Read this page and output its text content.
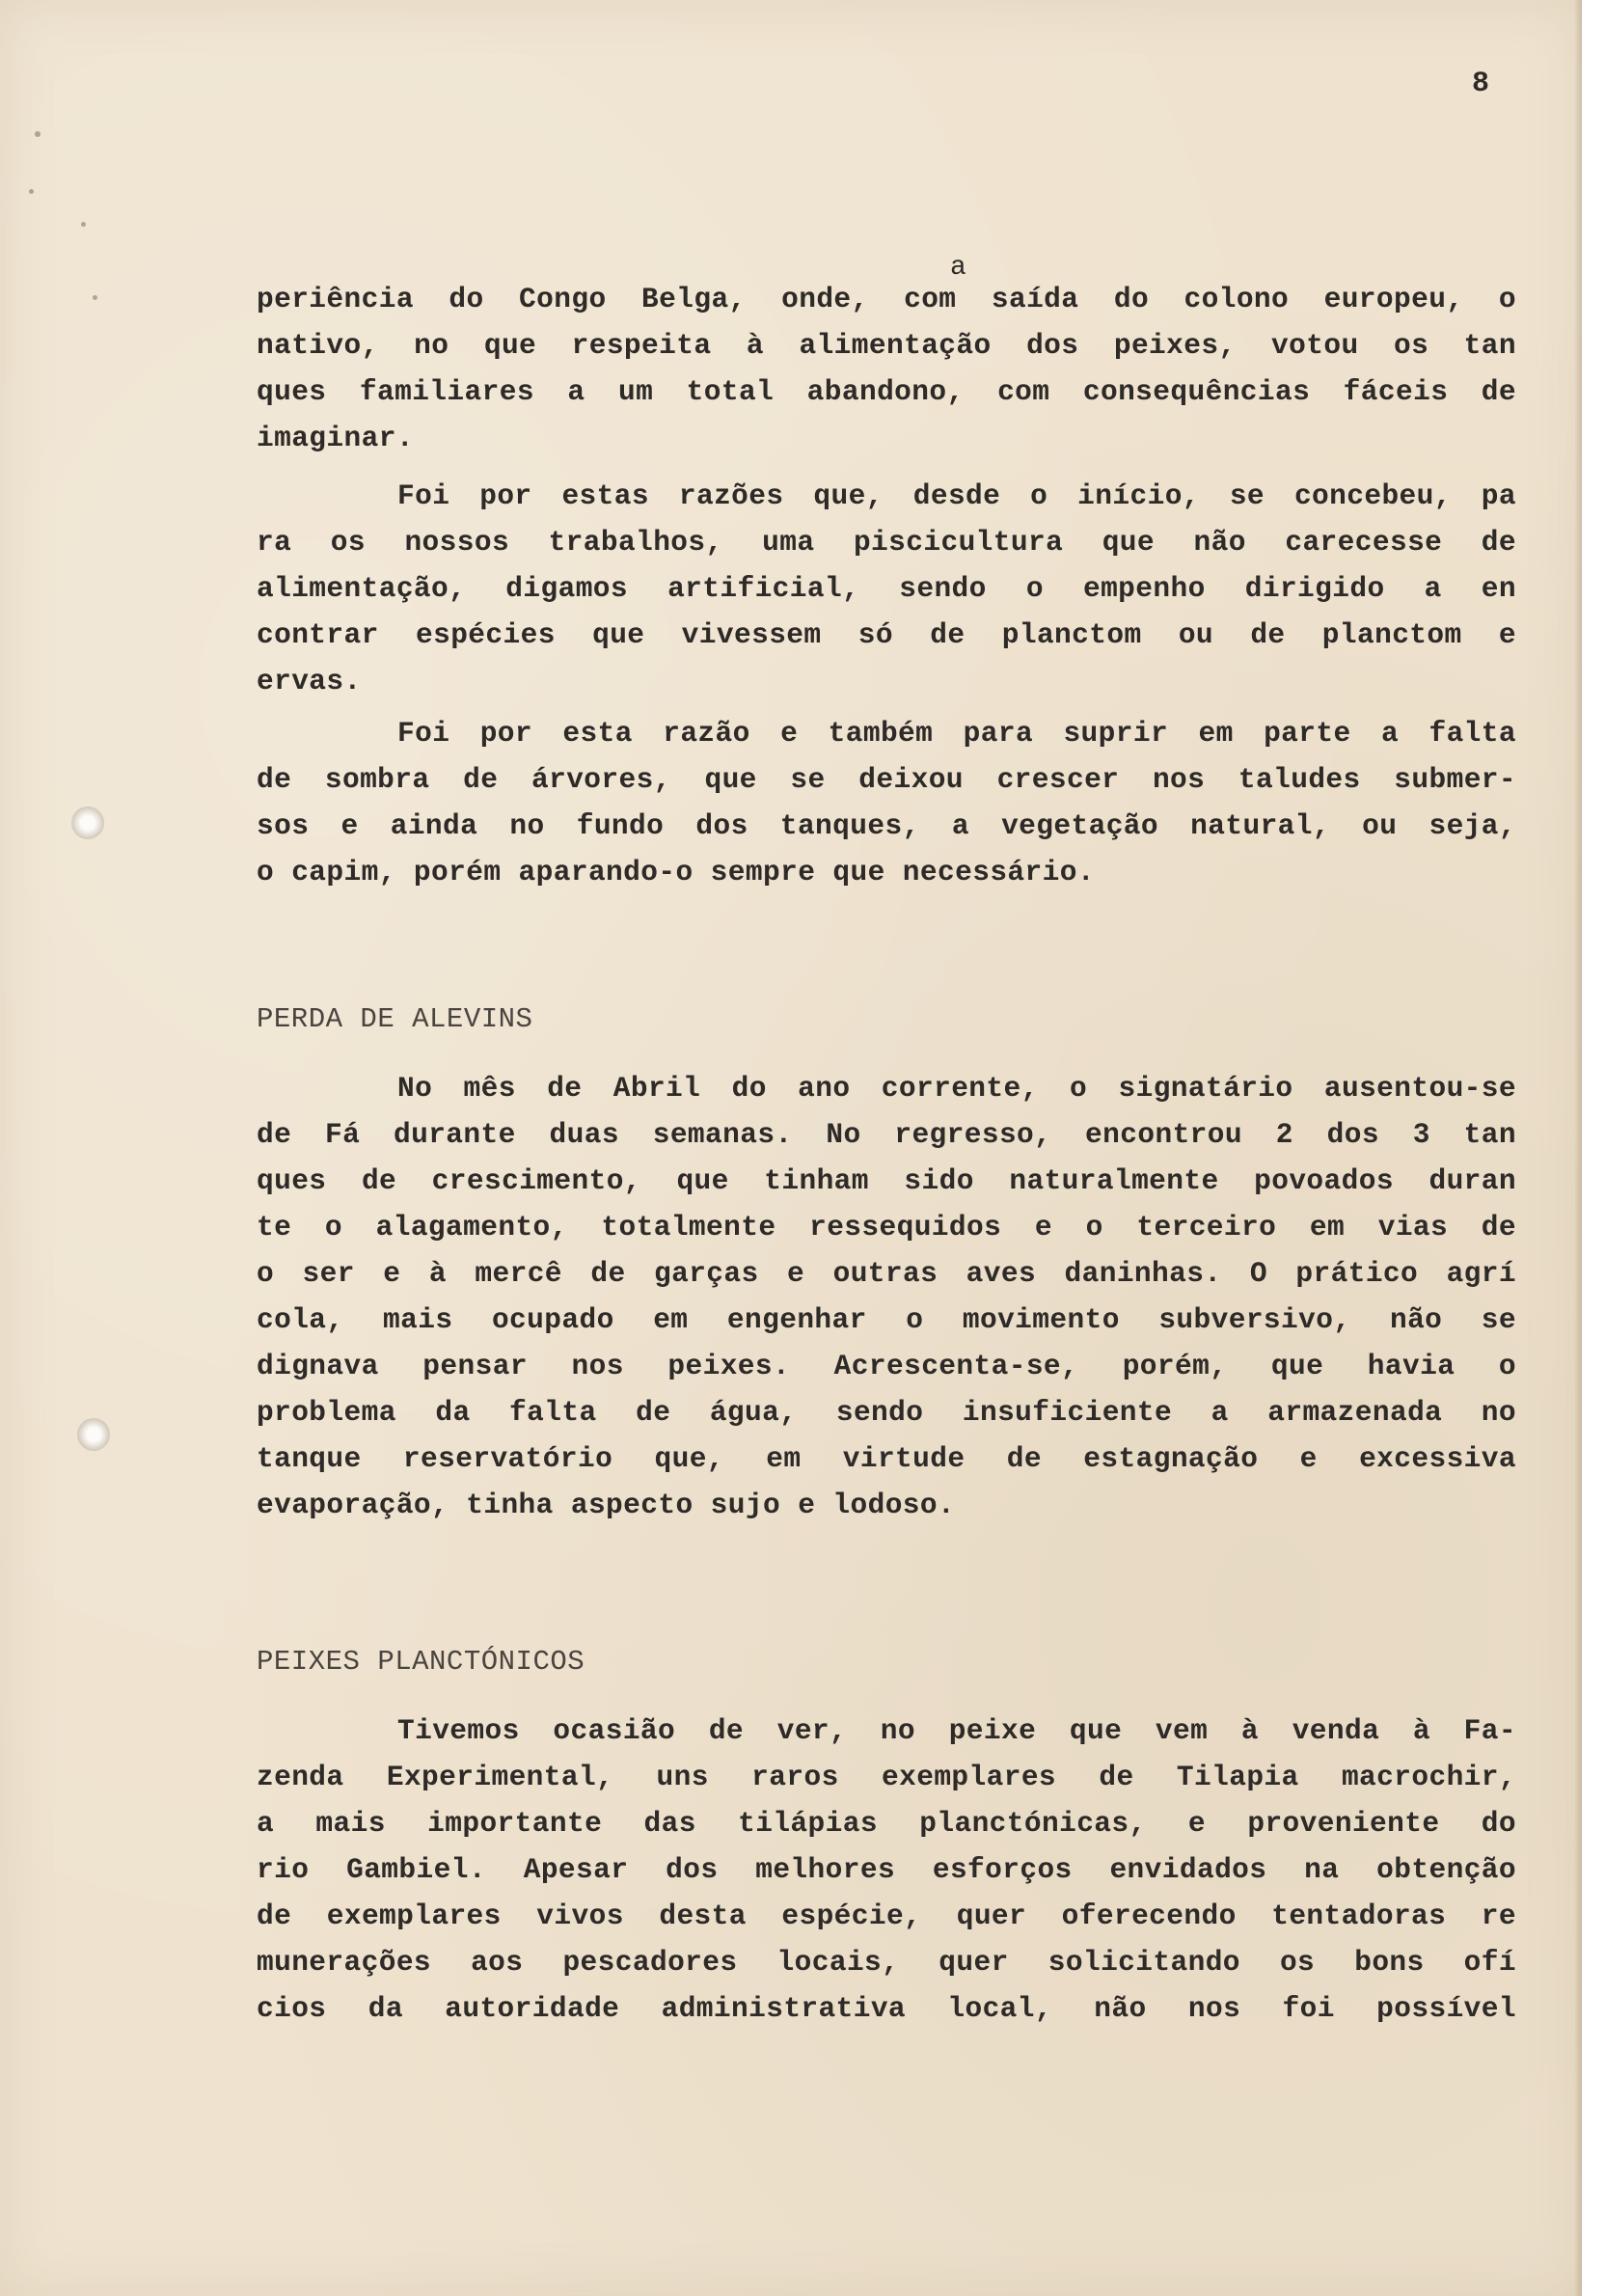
8
a
periência do Congo Belga, onde, com saída do colono europeu, o
nativo, no que respeita à alimentação dos peixes, votou os tan
ques familiares a um total abandono, com consequências fáceis de
imaginar.
Foi por estas razões que, desde o início, se concebeu, pa
ra os nossos trabalhos, uma piscicultura que não carecesse de
alimentação, digamos artificial, sendo o empenho dirigido a en
contrar espécies que vivessem só de planctom ou de planctom e
ervas.
Foi por esta razão e também para suprir em parte a falta
de sombra de árvores, que se deixou crescer nos taludes submer-
sos e ainda no fundo dos tanques, a vegetação natural, ou seja,
o capim, porém aparando-o sempre que necessário.
PERDA DE ALEVINS
No mês de Abril do ano corrente, o signatário ausentou-se
de Fá durante duas semanas. No regresso, encontrou 2 dos 3 tan
ques de crescimento, que tinham sido naturalmente povoados duran
te o alagamento, totalmente ressequidos e o terceiro em vias de
o ser e à mercê de garças e outras aves daninhas. O prático agrí
cola, mais ocupado em engenhar o movimento subversivo, não se
dignava pensar nos peixes. Acrescenta-se, porém, que havia o
problema da falta de água, sendo insuficiente a armazenada no
tanque reservatório que, em virtude de estagnação e excessiva
evaporação, tinha aspecto sujo e lodoso.
PEIXES PLANCTÓNICOS
Tivemos ocasião de ver, no peixe que vem à venda à Fa-
zenda Experimental, uns raros exemplares de Tilapia macrochir,
a mais importante das tilápias planctónicas, e proveniente do
rio Gambiel. Apesar dos melhores esforços envidados na obtenção
de exemplares vivos desta espécie, quer oferecendo tentadoras re
munerações aos pescadores locais, quer solicitando os bons ofí
cios da autoridade administrativa local, não nos foi possível
